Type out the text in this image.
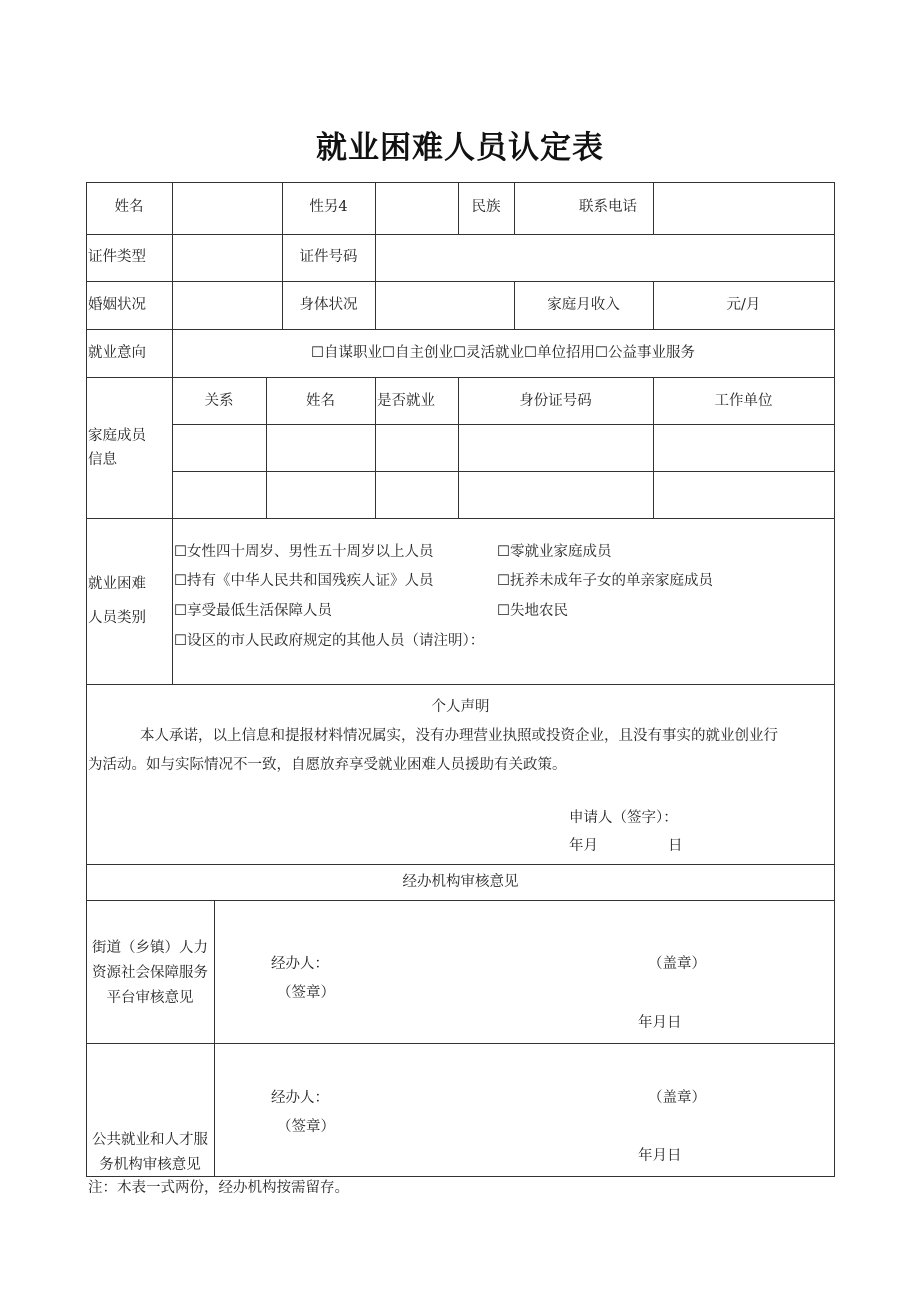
就业困难人员认定表
姓名	性另4	民族	联系电话
证件类型	证件号码
婚姻状况	身体状况	家庭月收入	元/月
就业意向	☐自谋职业☐自主创业☐灵活就业☐单位招用☐公益事业服务
家庭成员
信息
关系	姓名	是否就业	身份证号码	工作单位
就业困难
人员类别
☐女性四十周岁、男性五十周岁以上人员	☐零就业家庭成员
☐持有《中华人民共和国残疾人证》人员	☐抚养未成年子女的单亲家庭成员
☐享受最低生活保障人员	☐失地农民
☐设区的市人民政府规定的其他人员（请注明）：
个人声明
本人承诺，以上信息和提报材料情况属实，没有办理营业执照或投资企业，且没有事实的就业创业行
为活动。如与实际情况不一致，自愿放弃享受就业困难人员援助有关政策。
申请人（签字）：
年月	日
经办机构审核意见
街道（乡镇）人力
资源社会保障服务
平台审核意见
经办人：
（签章）
（盖章）
年月日
公共就业和人才服
务机构审核意见
经办人：
（签章）
（盖章）
年月日
注：木表一式两份，经办机构按需留存。
